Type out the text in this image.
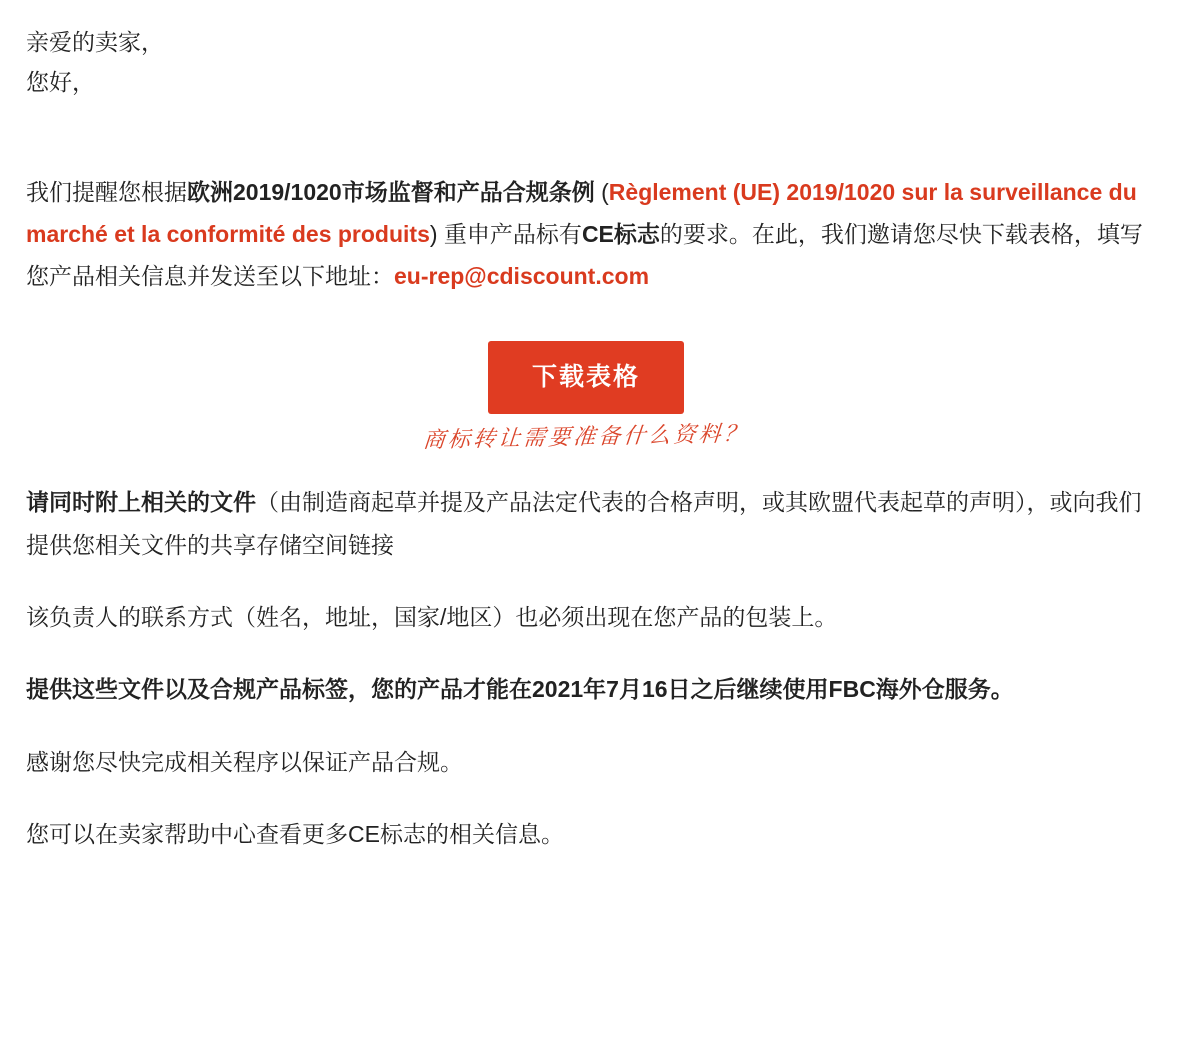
亲爱的卖家，
您好，

我们提醒您根据欧洲2019/1020市场监督和产品合规条例 (Règlement (UE) 2019/1020 sur la surveillance du marché et la conformité des produits) 重申产品标有CE标志的要求。在此，我们邀请您尽快下载表格，填写您产品相关信息并发送至以下地址：eu-rep@cdiscount.com

下载表格
商标转让需要准备什么资料？

请同时附上相关的文件（由制造商起草并提及产品法定代表的合格声明，或其欧盟代表起草的声明），或向我们提供您相关文件的共享存储空间链接

该负责人的联系方式（姓名，地址，国家/地区）也必须出现在您产品的包装上。

提供这些文件以及合规产品标签，您的产品才能在2021年7月16日之后继续使用FBC海外仓服务。

感谢您尽快完成相关程序以保证产品合规。

您可以在卖家帮助中心查看更多CE标志的相关信息。
